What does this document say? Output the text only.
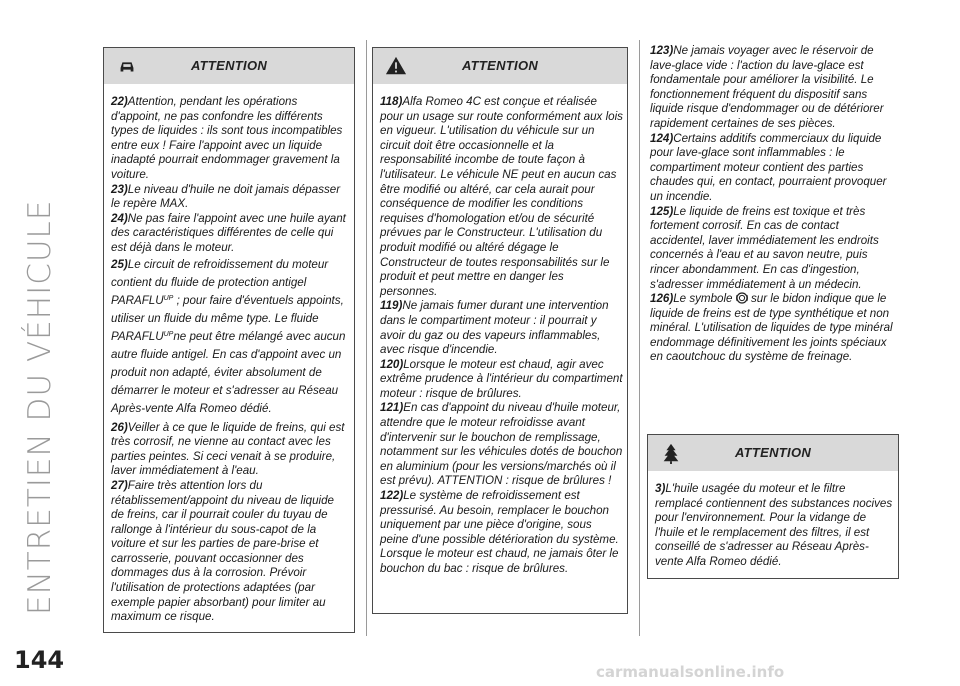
ENTRETIEN DU VÉHICULE
ATTENTION

22)Attention, pendant les opérations d'appoint, ne pas confondre les différents types de liquides : ils sont tous incompatibles entre eux ! Faire l'appoint avec un liquide inadapté pourrait endommager gravement la voiture.

23)Le niveau d'huile ne doit jamais dépasser le repère MAX.

24)Ne pas faire l'appoint avec une huile ayant des caractéristiques différentes de celle qui est déjà dans le moteur.

25)Le circuit de refroidissement du moteur contient du fluide de protection antigel $PARAFLU^{UP}$ ; pour faire d'éventuels appoints, utiliser un fluide du même type. Le fluide $PARAFLU^{UP}ne$ peut être mélangé avec aucun autre fluide antigel. En cas d'appoint avec un produit non adapté, éviter absolument de démarrer le moteur et s'adresser au Réseau Après-vente Alfa Romeo dédié.

26)Veiller à ce que le liquide de freins, qui est très corrosif, ne vienne au contact avec les parties peintes. Si ceci venait à se produire, laver immédiatement à l'eau.

27)Faire très attention lors du rétablissement/appoint du niveau de liquide de freins, car il pourrait couler du tuyau de rallonge à l'intérieur du sous-capot de la voiture et sur les parties de pare-brise et carrosserie, pouvant occasionner des dommages dus à la corrosion. Prévoir l'utilisation de protections adaptées (par exemple papier absorbant) pour limiter au maximum ce risque.

ATTENTION

118)Alfa Romeo 4C est conçue et réalisée pour un usage sur route conformément aux lois en vigueur. L'utilisation du véhicule sur un circuit doit être occasionnelle et la responsabilité incombe de toute façon à l'utilisateur. Le véhicule NE peut en aucun cas être modifié ou altéré, car cela aurait pour conséquence de modifier les conditions requises d'homologation et/ou de sécurité prévues par le Constructeur. L'utilisation du produit modifié ou altéré dégage le Constructeur de toutes responsabilités sur le produit et peut mettre en danger les personnes.

119)Ne jamais fumer durant une intervention dans le compartiment moteur : il pourrait y avoir du gaz ou des vapeurs inflammables, avec risque d'incendie.

120)Lorsque le moteur est chaud, agir avec extrême prudence à l'intérieur du compartiment moteur : risque de brûlures.

121)En cas d'appoint du niveau d'huile moteur, attendre que le moteur refroidisse avant d'intervenir sur le bouchon de remplissage, notamment sur les véhicules dotés de bouchon en aluminium (pour les versions/marchés où il est prévu). ATTENTION : risque de brûlures !

122)Le système de refroidissement est pressurisé. Au besoin, remplacer le bouchon uniquement par une pièce d'origine, sous peine d'une possible détérioration du système. Lorsque le moteur est chaud, ne jamais ôter le bouchon du bac : risque de brûlures.

123)Ne jamais voyager avec le réservoir de lave-glace vide : l'action du lave-glace est fondamentale pour améliorer la visibilité. Le fonctionnement fréquent du dispositif sans liquide risque d'endommager ou de détériorer rapidement certaines de ses pièces.

124)Certains additifs commerciaux du liquide pour lave-glace sont inflammables : le compartiment moteur contient des parties chaudes qui, en contact, pourraient provoquer un incendie.

125)Le liquide de freins est toxique et très fortement corrosif. En cas de contact accidentel, laver immédiatement les endroits concernés à l'eau et au savon neutre, puis rincer abondamment. En cas d'ingestion, s'adresser immédiatement à un médecin.

126)Le symbole sur le bidon indique que le liquide de freins est de type synthétique et non minéral. L'utilisation de liquides de type minéral endommage définitivement les joints spéciaux en caoutchouc du système de freinage.

ATTENTION

3)L'huile usagée du moteur et le filtre remplacé contiennent des substances nocives pour l'environnement. Pour la vidange de l'huile et le remplacement des filtres, il est conseillé de s'adresser au Réseau Après-vente Alfa Romeo dédié.

144	carmanualsonline.info
